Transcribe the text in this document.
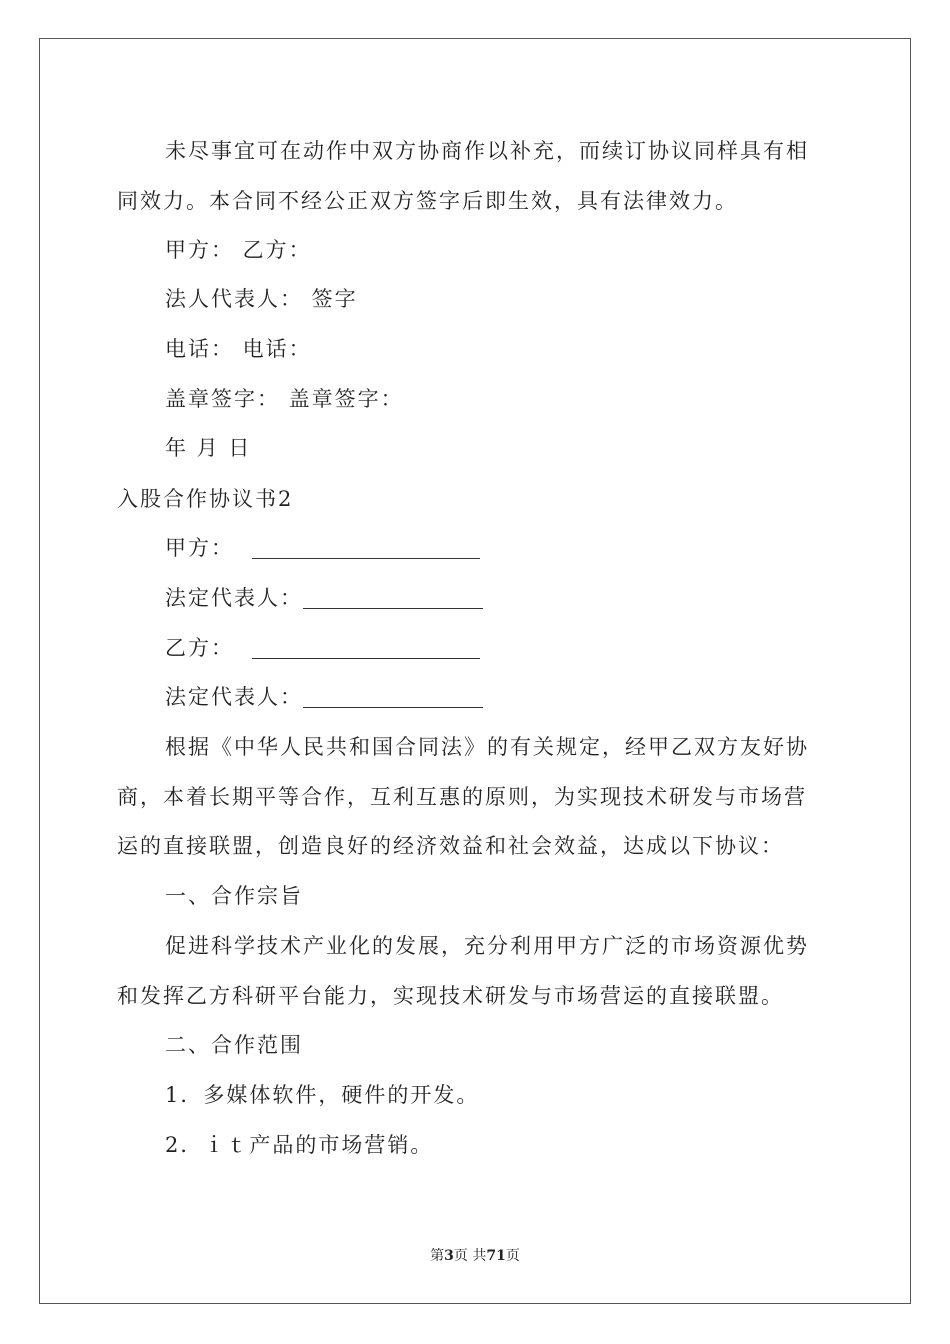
未尽事宜可在动作中双方协商作以补充，而续订协议同样具有相
同效力。本合同不经公正双方签字后即生效，具有法律效力。
甲方： 乙方：
法人代表人： 签字
电话： 电话：
盖章签字： 盖章签字：
年 月 日
入股合作协议书2
甲方：
法定代表人：
乙方：
法定代表人：
根据《中华人民共和国合同法》的有关规定，经甲乙双方友好协
商，本着长期平等合作，互利互惠的原则，为实现技术研发与市场营
运的直接联盟，创造良好的经济效益和社会效益，达成以下协议：
一、合作宗旨
促进科学技术产业化的发展，充分利用甲方广泛的市场资源优势
和发挥乙方科研平台能力，实现技术研发与市场营运的直接联盟。
二、合作范围
1．多媒体软件，硬件的开发。
2．ｉｔ产品的市场营销。
第3页 共71页
